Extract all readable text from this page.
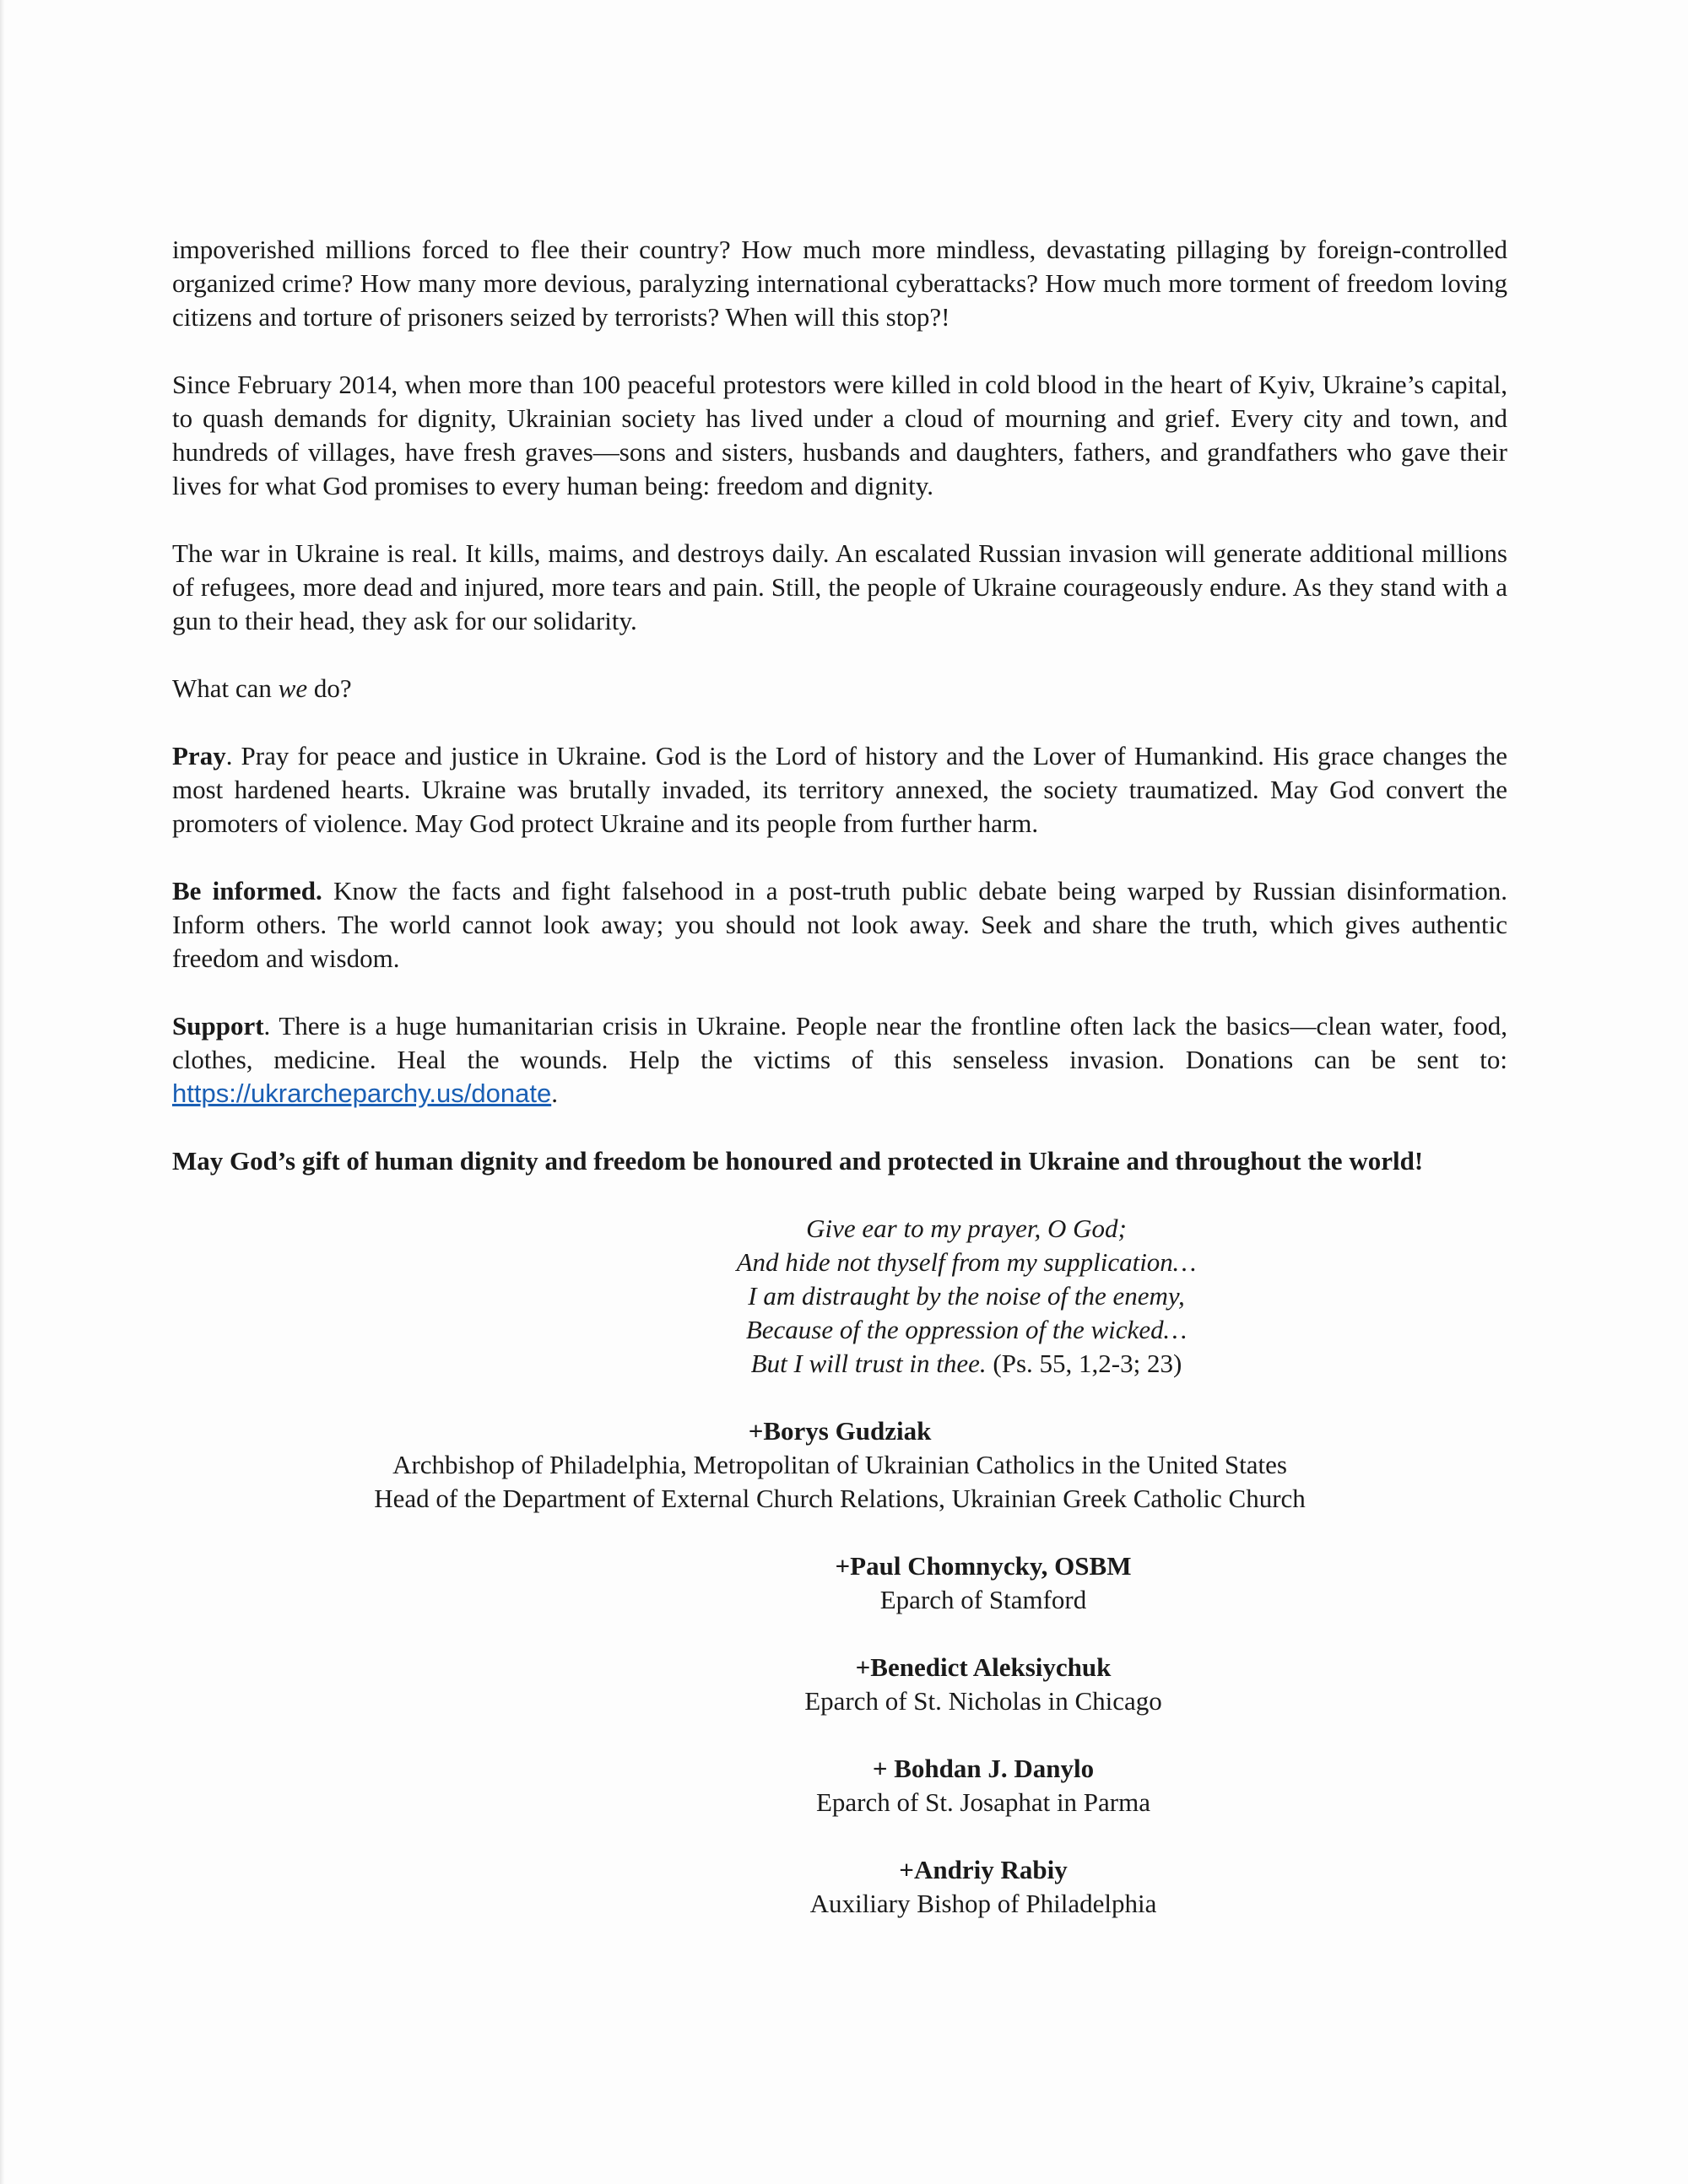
impoverished millions forced to flee their country? How much more mindless, devastating pillaging by foreign-controlled organized crime? How many more devious, paralyzing international cyberattacks? How much more torment of freedom loving citizens and torture of prisoners seized by terrorists? When will this stop?!

Since February 2014, when more than 100 peaceful protestors were killed in cold blood in the heart of Kyiv, Ukraine’s capital, to quash demands for dignity, Ukrainian society has lived under a cloud of mourning and grief. Every city and town, and hundreds of villages, have fresh graves—sons and sisters, husbands and daughters, fathers, and grandfathers who gave their lives for what God promises to every human being: freedom and dignity.

The war in Ukraine is real. It kills, maims, and destroys daily. An escalated Russian invasion will generate additional millions of refugees, more dead and injured, more tears and pain. Still, the people of Ukraine courageously endure. As they stand with a gun to their head, they ask for our solidarity.

What can we do?

Pray. Pray for peace and justice in Ukraine. God is the Lord of history and the Lover of Humankind. His grace changes the most hardened hearts. Ukraine was brutally invaded, its territory annexed, the society traumatized. May God convert the promoters of violence. May God protect Ukraine and its people from further harm.

Be informed. Know the facts and fight falsehood in a post-truth public debate being warped by Russian disinformation. Inform others. The world cannot look away; you should not look away. Seek and share the truth, which gives authentic freedom and wisdom.

Support. There is a huge humanitarian crisis in Ukraine. People near the frontline often lack the basics—clean water, food, clothes, medicine. Heal the wounds. Help the victims of this senseless invasion. Donations can be sent to: https://ukrarcheparchy.us/donate.

May God’s gift of human dignity and freedom be honoured and protected in Ukraine and throughout the world!

Give ear to my prayer, O God;
And hide not thyself from my supplication…
I am distraught by the noise of the enemy,
Because of the oppression of the wicked…
But I will trust in thee. (Ps. 55, 1,2-3; 23)
+Borys Gudziak
Archbishop of Philadelphia, Metropolitan of Ukrainian Catholics in the United States
Head of the Department of External Church Relations, Ukrainian Greek Catholic Church
+Paul Chomnycky, OSBM
Eparch of Stamford
+Benedict Aleksiychuk
Eparch of St. Nicholas in Chicago
+ Bohdan J. Danylo
Eparch of St. Josaphat in Parma
+Andriy Rabiy
Auxiliary Bishop of Philadelphia
